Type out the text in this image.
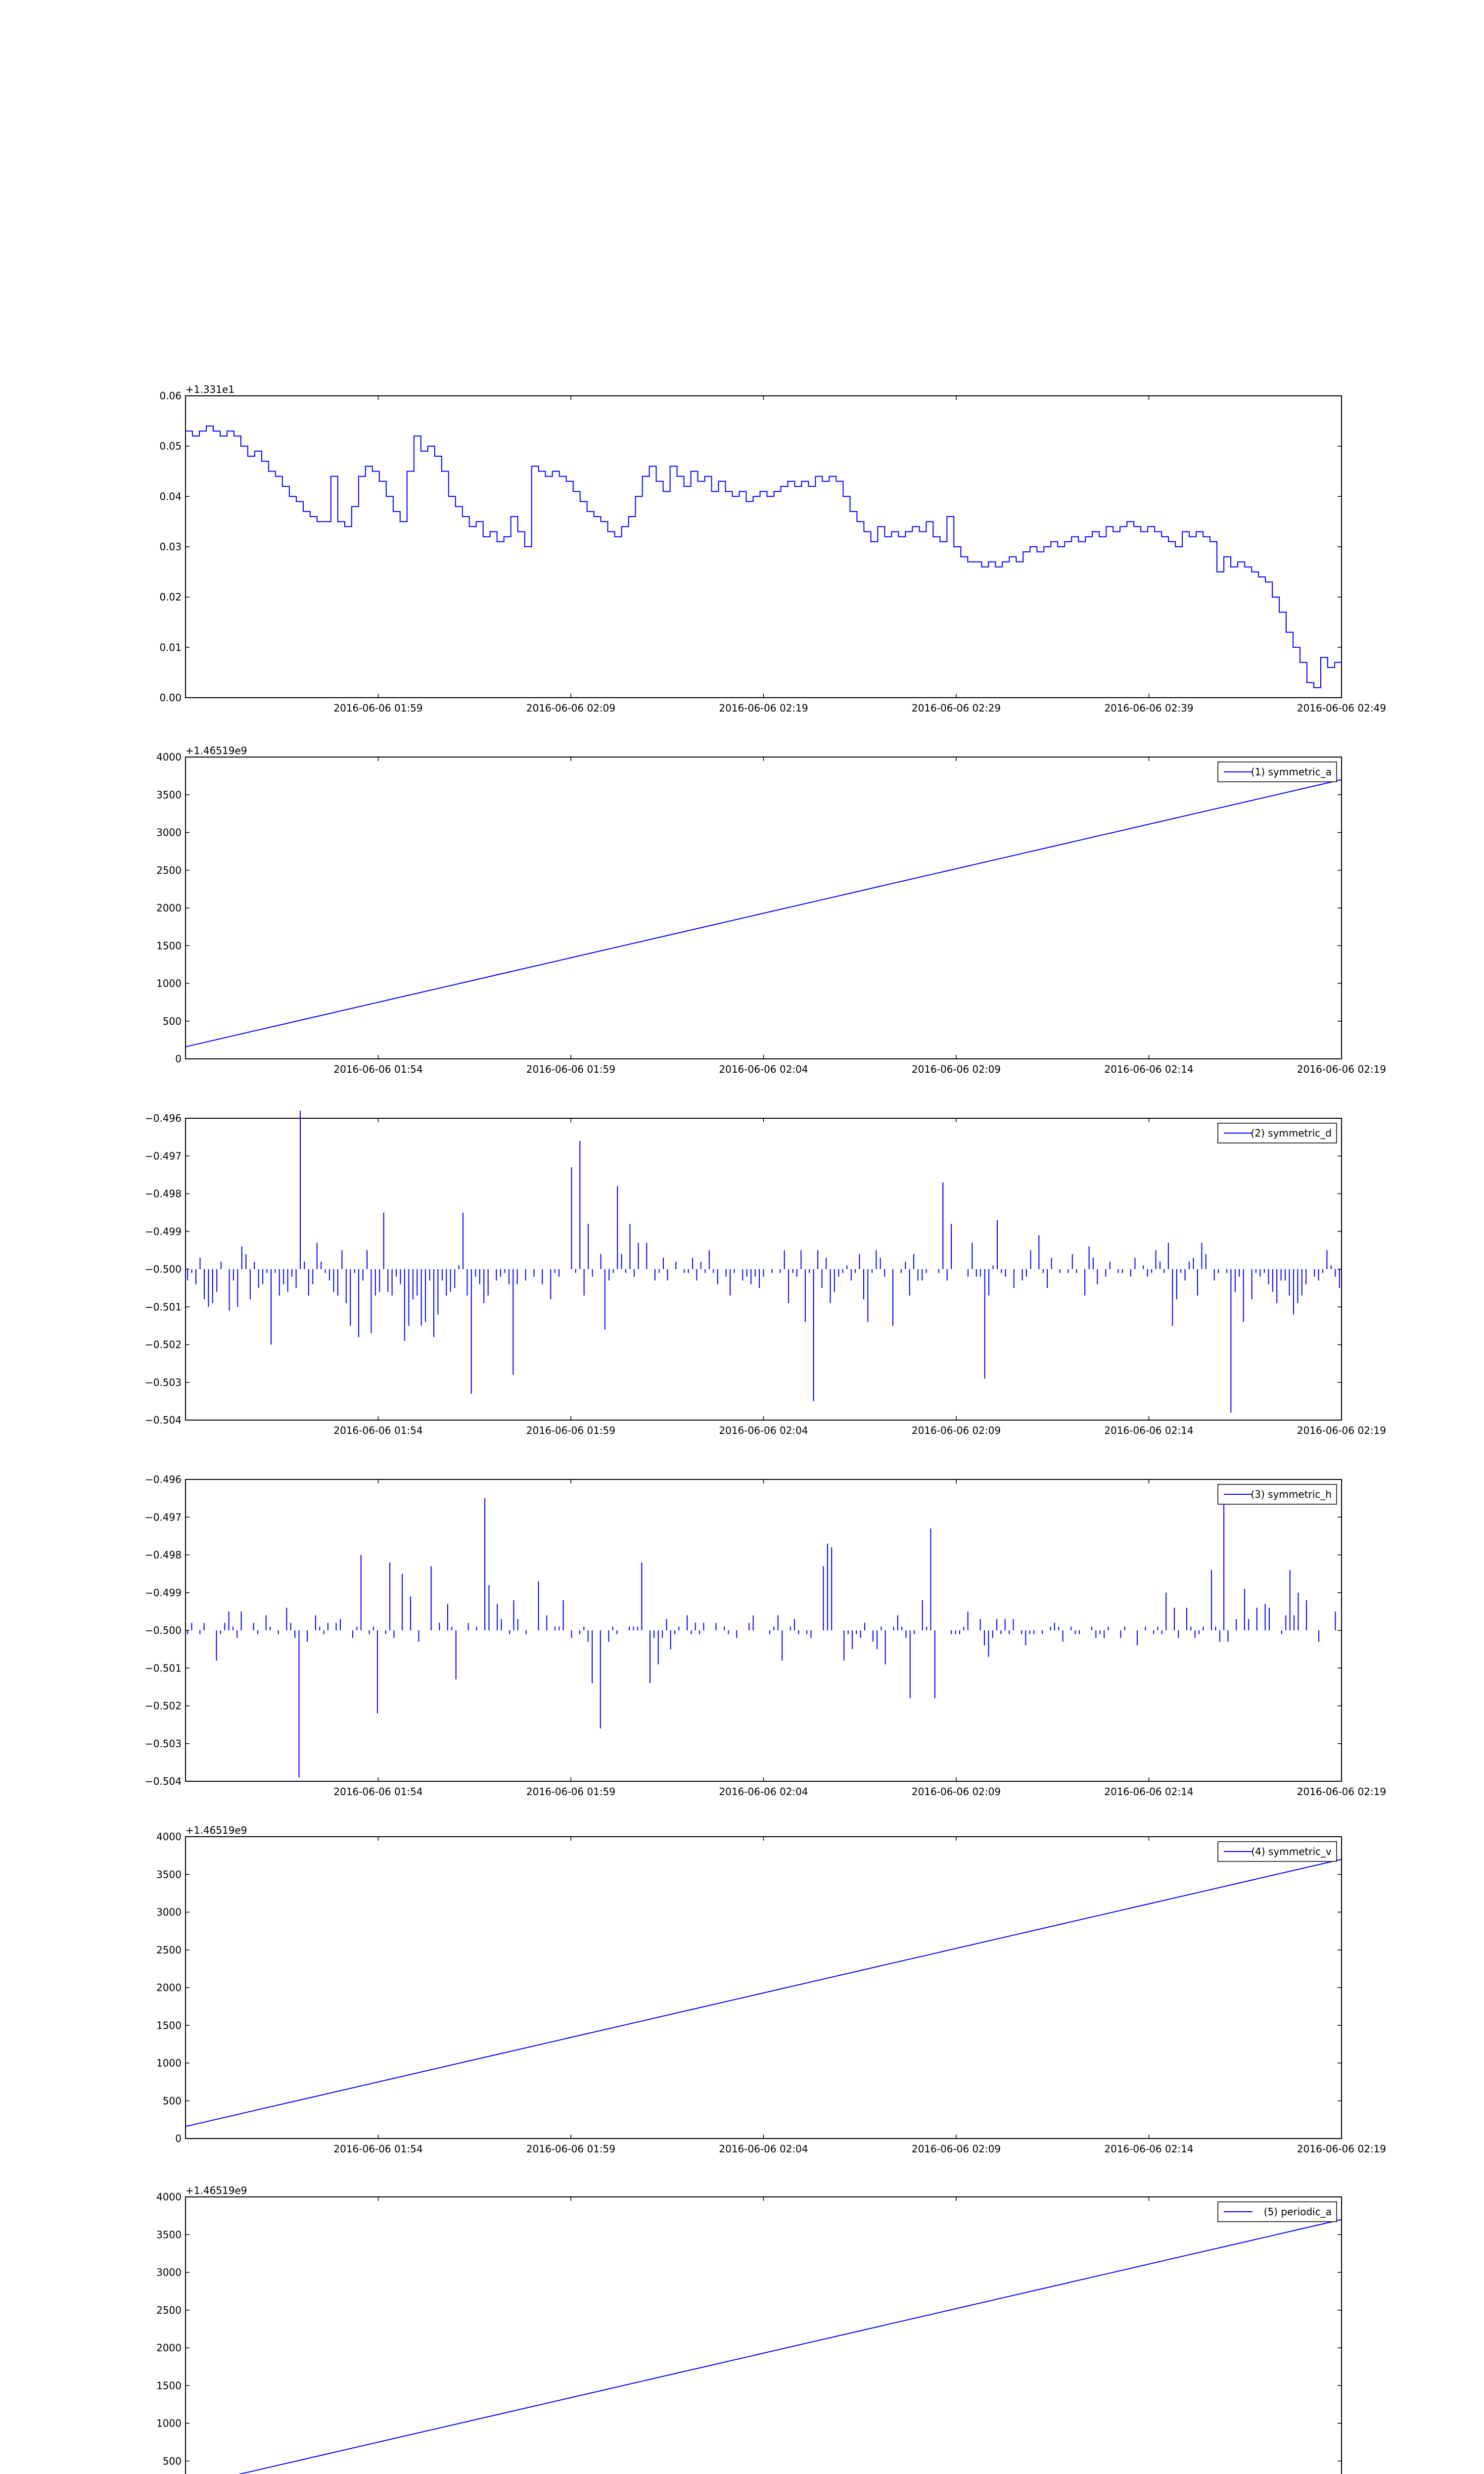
0.00
0.01
0.02
0.03
0.04
0.05
0.06
2016-06-06 01:59	2016-06-06 02:09	2016-06-06 02:19	2016-06-06 02:29	2016-06-06 02:39	2016-06-06 02:49
+1.331e1
0
500
1000
1500
2000
2500
3000
3500
4000
2016-06-06 01:54	2016-06-06 01:59	2016-06-06 02:04	2016-06-06 02:09	2016-06-06 02:14	2016-06-06 02:19
+1.46519e9
(1) symmetric_a
−0.504
−0.503
−0.502
−0.501
−0.500
−0.499
−0.498
−0.497
−0.496
2016-06-06 01:54	2016-06-06 01:59	2016-06-06 02:04	2016-06-06 02:09	2016-06-06 02:14	2016-06-06 02:19
(2) symmetric_d
−0.504
−0.503
−0.502
−0.501
−0.500
−0.499
−0.498
−0.497
−0.496
2016-06-06 01:54	2016-06-06 01:59	2016-06-06 02:04	2016-06-06 02:09	2016-06-06 02:14	2016-06-06 02:19
(3) symmetric_h
0
500
1000
1500
2000
2500
3000
3500
4000
2016-06-06 01:54	2016-06-06 01:59	2016-06-06 02:04	2016-06-06 02:09	2016-06-06 02:14	2016-06-06 02:19
+1.46519e9
(4) symmetric_v
500
1000
1500
2000
2500
3000
3500
4000
+1.46519e9
(5) periodic_a
